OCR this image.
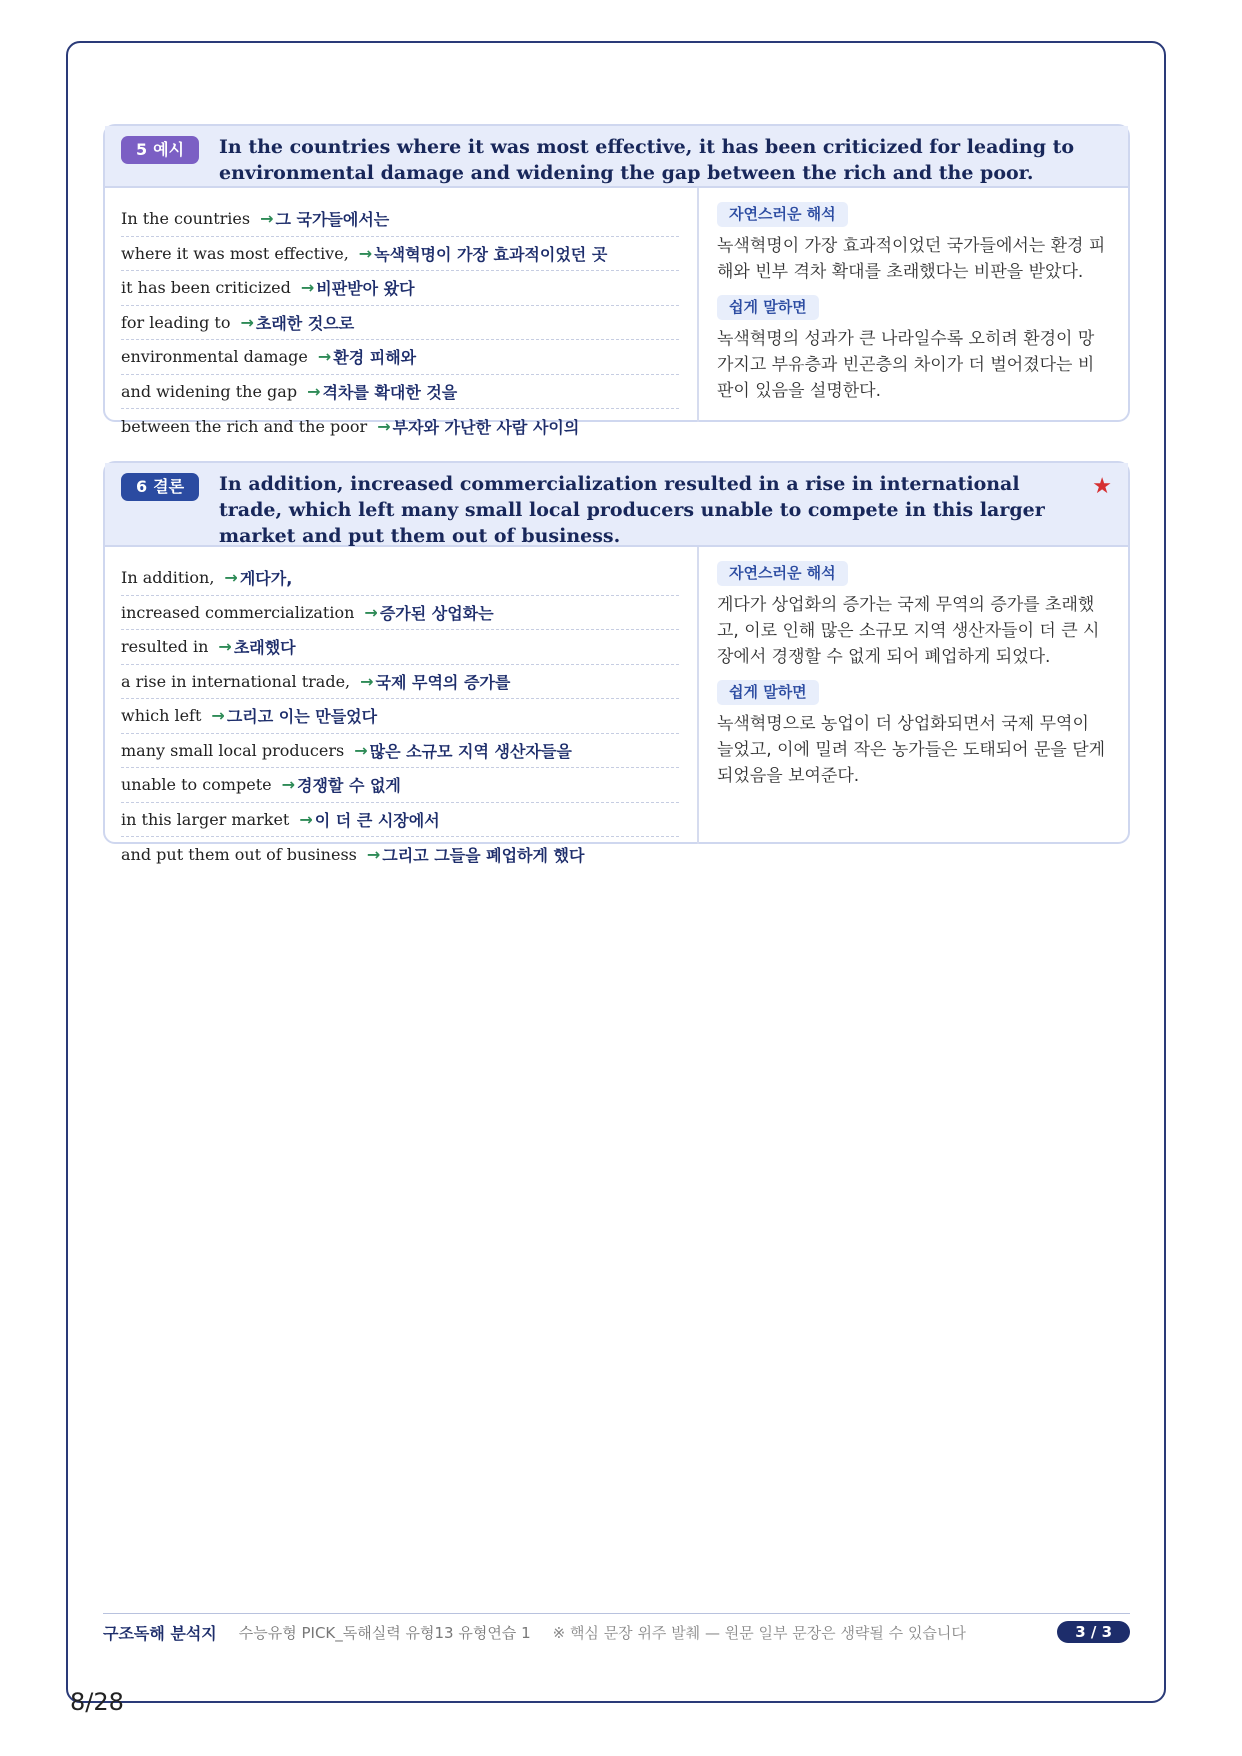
5 예시	In the countries where it was most effective, it has been criticized for leading to environmental damage and widening the gap between the rich and the poor.
In the countries → 그 국가들에서는
where it was most effective, → 녹색혁명이 가장 효과적이었던 곳
it has been criticized → 비판받아 왔다
for leading to → 초래한 것으로
environmental damage → 환경 피해와
and widening the gap → 격차를 확대한 것을
between the rich and the poor → 부자와 가난한 사람 사이의
자연스러운 해석

녹색혁명이 가장 효과적이었던 국가들에서는 환경 피해와 빈부 격차 확대를 초래했다는 비판을 받았다.

쉽게 말하면

녹색혁명의 성과가 큰 나라일수록 오히려 환경이 망가지고 부유층과 빈곤층의 차이가 더 벌어졌다는 비판이 있음을 설명한다.

6 결론	In addition, increased commercialization resulted in a rise in international trade, which left many small local producers unable to compete in this larger market and put them out of business.
★
In addition, → 게다가,
increased commercialization → 증가된 상업화는
resulted in → 초래했다
a rise in international trade, → 국제 무역의 증가를
which left → 그리고 이는 만들었다
many small local producers → 많은 소규모 지역 생산자들을
unable to compete → 경쟁할 수 없게
in this larger market → 이 더 큰 시장에서
and put them out of business → 그리고 그들을 폐업하게 했다
자연스러운 해석

게다가 상업화의 증가는 국제 무역의 증가를 초래했고, 이로 인해 많은 소규모 지역 생산자들이 더 큰 시장에서 경쟁할 수 없게 되어 폐업하게 되었다.

쉽게 말하면

녹색혁명으로 농업이 더 상업화되면서 국제 무역이 늘었고, 이에 밀려 작은 농가들은 도태되어 문을 닫게 되었음을 보여준다.

구조독해 분석지 수능유형 PICK_독해실력 유형13 유형연습 1 ※ 핵심 문장 위주 발췌 — 원문 일부 문장은 생략될 수 있습니다	3 / 3
8/28
